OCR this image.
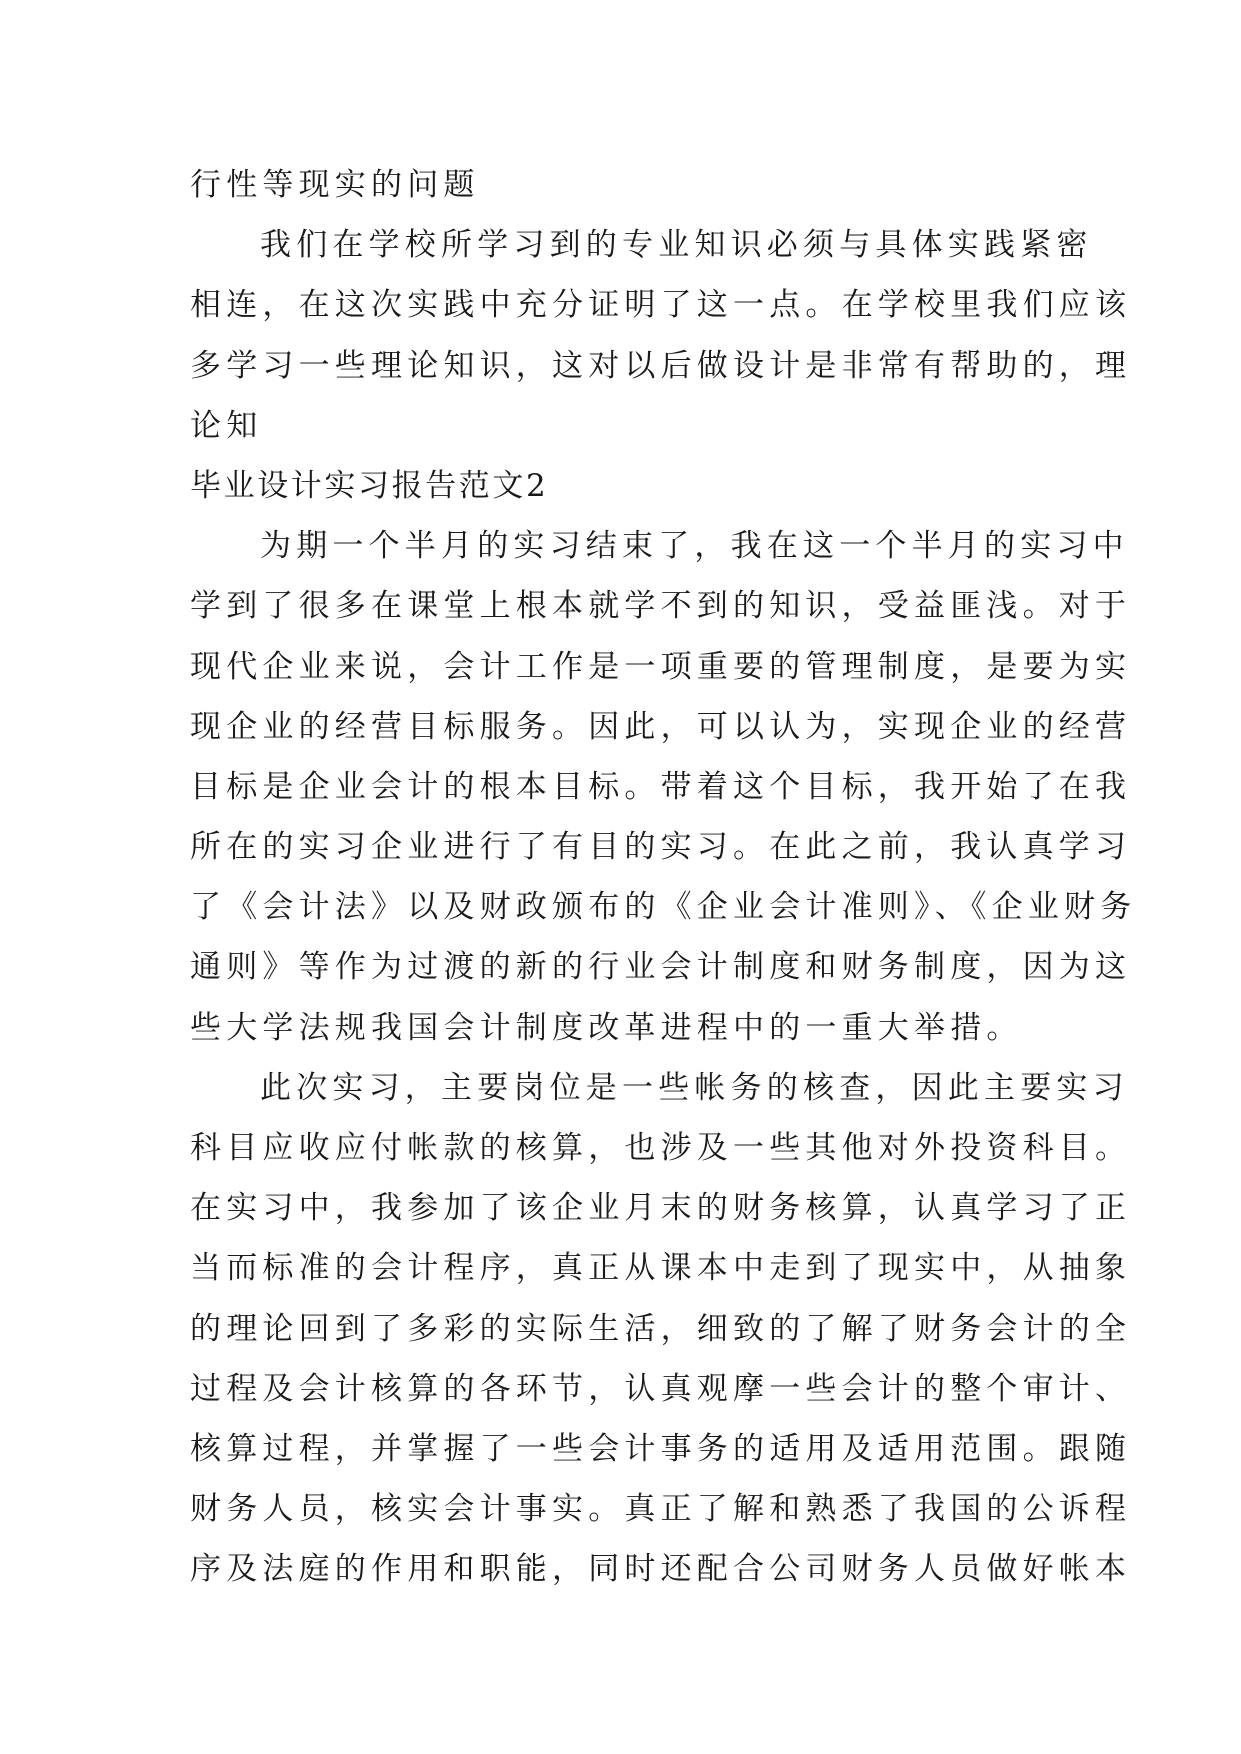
行性等现实的问题
我们在学校所学习到的专业知识必须与具体实践紧密
相连，在这次实践中充分证明了这一点。在学校里我们应该
多学习一些理论知识，这对以后做设计是非常有帮助的，理
论知
毕业设计实习报告范文2
为期一个半月的实习结束了，我在这一个半月的实习中
学到了很多在课堂上根本就学不到的知识，受益匪浅。对于
现代企业来说，会计工作是一项重要的管理制度，是要为实
现企业的经营目标服务。因此，可以认为，实现企业的经营
目标是企业会计的根本目标。带着这个目标，我开始了在我
所在的实习企业进行了有目的实习。在此之前，我认真学习
了《会计法》以及财政颁布的《企业会计准则》、《企业财务
通则》等作为过渡的新的行业会计制度和财务制度，因为这
些大学法规我国会计制度改革进程中的一重大举措。
此次实习，主要岗位是一些帐务的核查，因此主要实习
科目应收应付帐款的核算，也涉及一些其他对外投资科目。
在实习中，我参加了该企业月末的财务核算，认真学习了正
当而标准的会计程序，真正从课本中走到了现实中，从抽象
的理论回到了多彩的实际生活，细致的了解了财务会计的全
过程及会计核算的各环节，认真观摩一些会计的整个审计、
核算过程，并掌握了一些会计事务的适用及适用范围。跟随
财务人员，核实会计事实。真正了解和熟悉了我国的公诉程
序及法庭的作用和职能，同时还配合公司财务人员做好帐本
